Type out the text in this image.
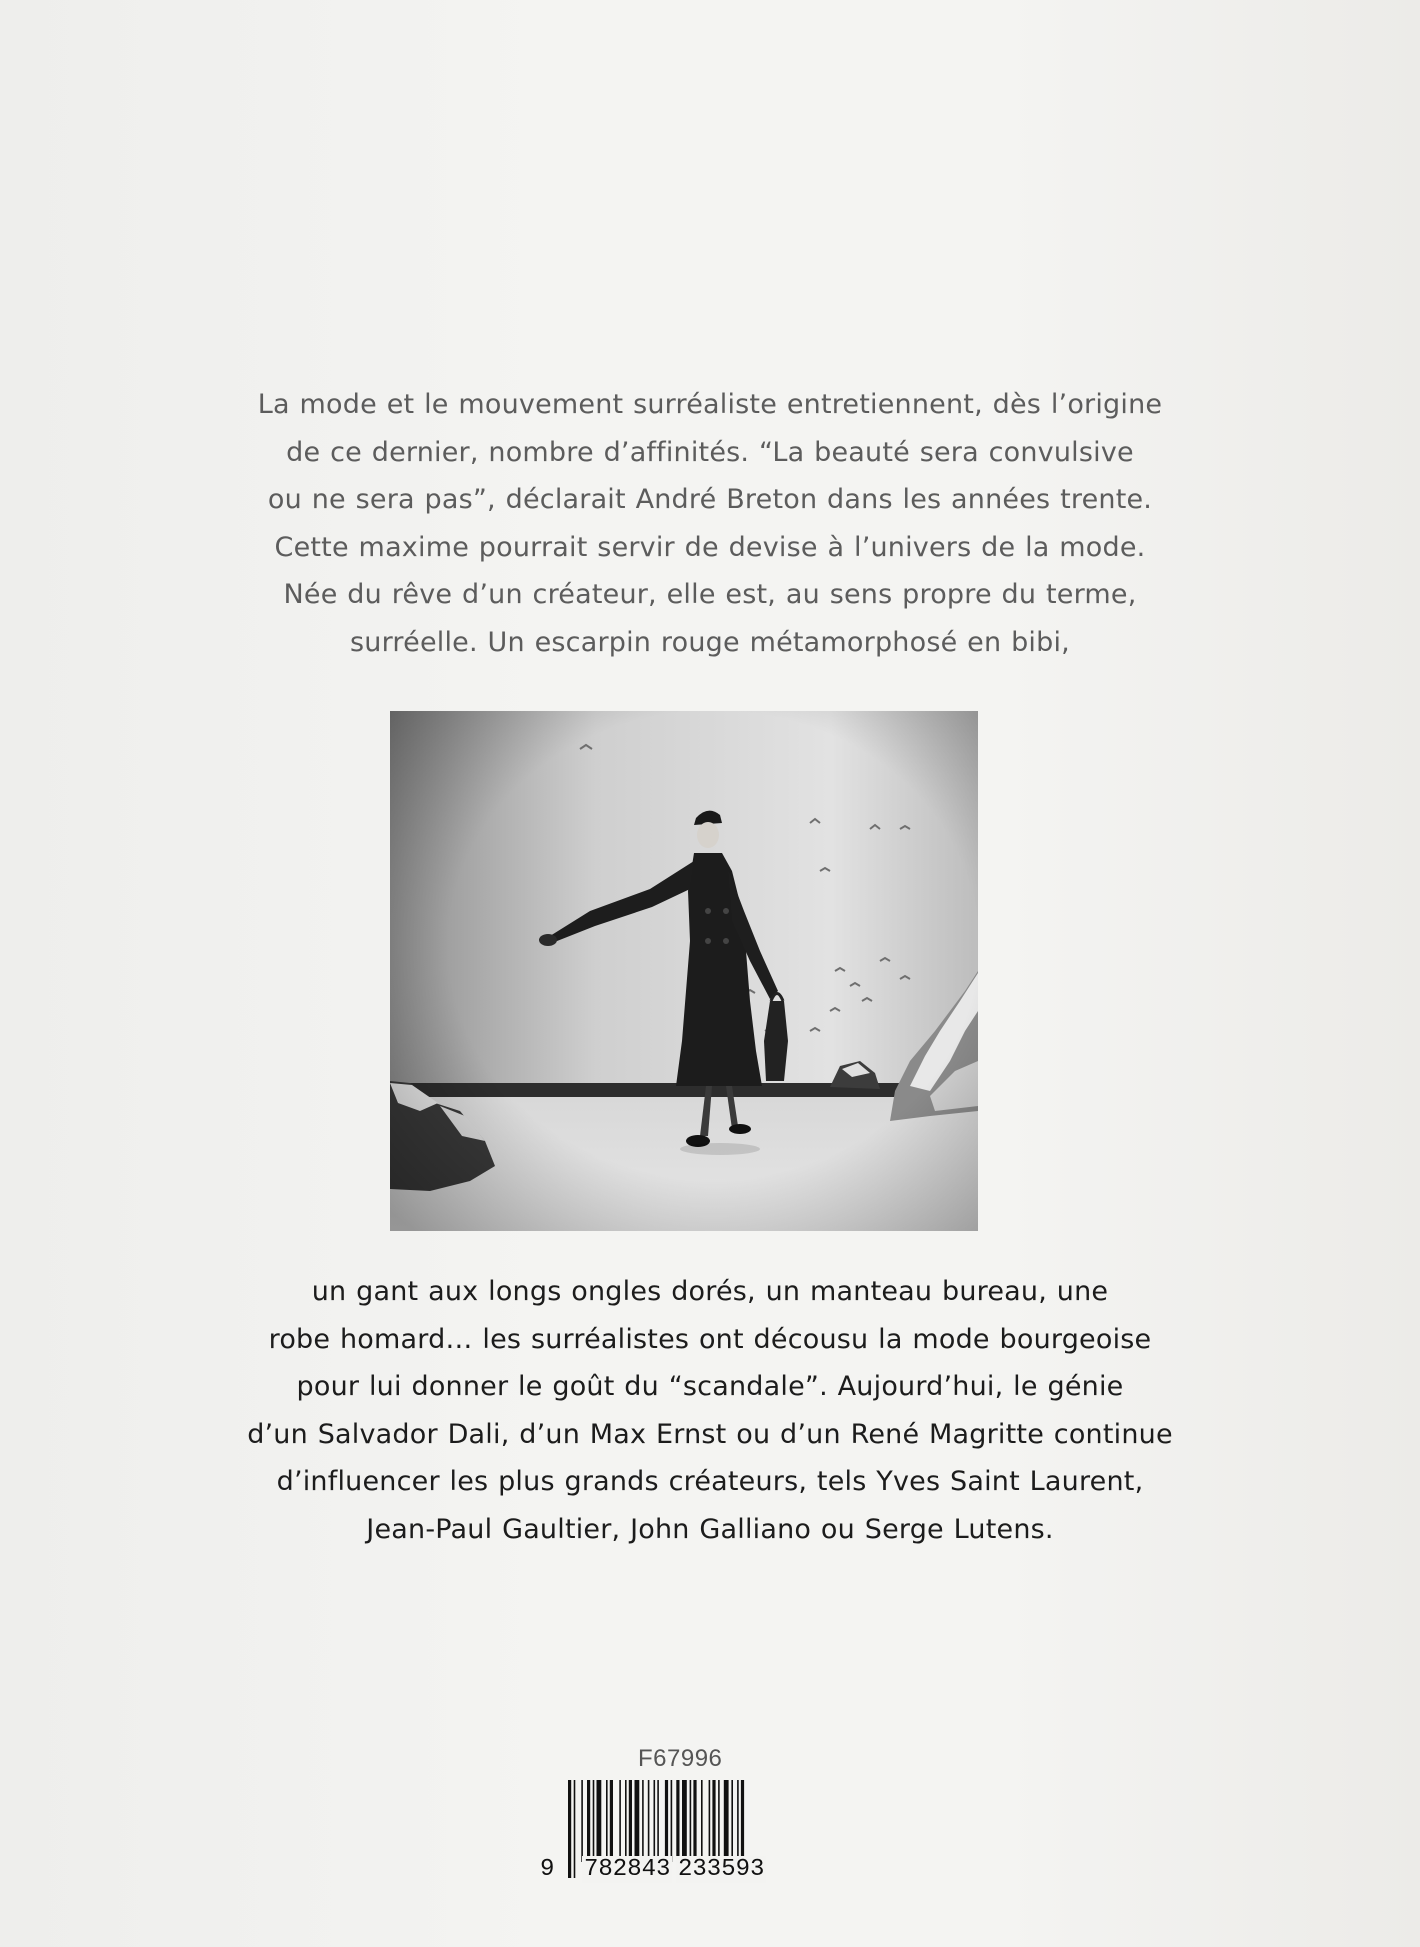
La mode et le mouvement surréaliste entretiennent, dès l’origine
de ce dernier, nombre d’affinités. “La beauté sera convulsive
ou ne sera pas”, déclarait André Breton dans les années trente.
Cette maxime pourrait servir de devise à l’univers de la mode.
Née du rêve d’un créateur, elle est, au sens propre du terme,
surréelle. Un escarpin rouge métamorphosé en bibi,
un gant aux longs ongles dorés, un manteau bureau, une
robe homard… les surréalistes ont décousu la mode bourgeoise
pour lui donner le goût du “scandale”. Aujourd’hui, le génie
d’un Salvador Dali, d’un Max Ernst ou d’un René Magritte continue
d’influencer les plus grands créateurs, tels Yves Saint Laurent,
Jean-Paul Gaultier, John Galliano ou Serge Lutens.
F67996
9 782843 233593
